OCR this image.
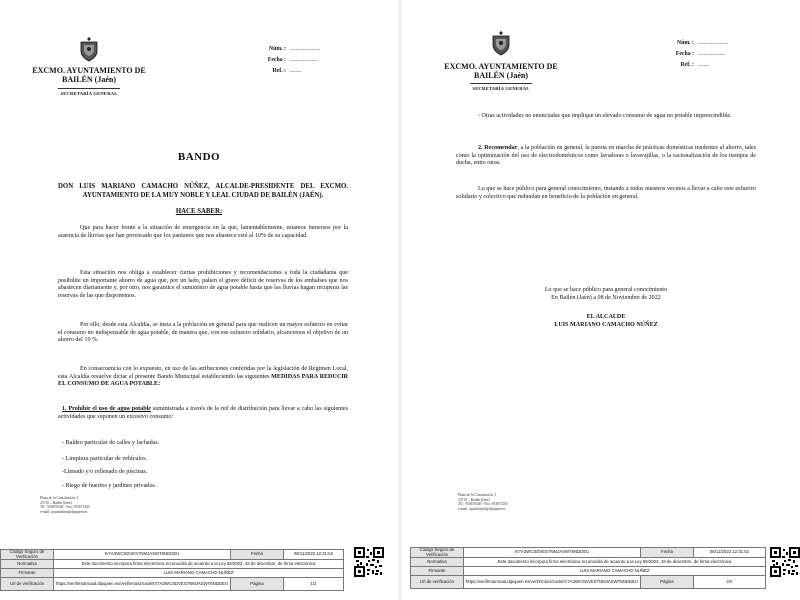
EXCMO. AYUNTAMIENTO DE
BAILÉN (Jaén)
SECRETARÍA GENERAL
Núm. : .....................
Fecha : ...................
Ref. : ........
BANDO
DON LUIS MARIANO CAMACHO NÚÑEZ, ALCALDE-PRESIDENTE DEL EXCMO. AYUNTAMIENTO DE LA MUY NOBLE Y LEAL CIUDAD DE BAILÉN (JAÉN).
HACE SABER:
Que para hacer frente a la situación de emergencia en la que, lamentablemente, estamos inmersos por la ausencia de lluvias que han provocado que los pantanos que nos abastece esté al 10% de su capacidad.
Esta situación nos obliga a establecer ciertas prohibiciones y recomendaciones a toda la ciudadanía que posibilite un importante ahorro de agua que, por un lado, palien el grave déficit de reservas de los embalses que nos abastecen diariamente y, por otro, nos garantice el suministro de agua potable hasta que las lluvias hagan recuperar las reservas de las que disponemos.
Por ello, desde esta Alcaldía, se insta a la población en general para que realicen un mayor esfuerzo en evitar el consumo no indispensable de agua potable, de manera que, con ese esfuerzo solidario, alcancemos el objetivo de un ahorro del 10 %.
En consecuencia con lo expuesto, en uso de las atribuciones conferidas por la legislación de Régimen Local, esta Alcaldía resuelve dictar el presente Bando Municipal estableciendo las siguientes MEDIDAS PARA REDUCIR EL CONSUMO DE AGUA POTABLE:
1. Prohibir el uso de agua potable suministrada a través de la red de distribución para llevar a cabo las siguientes actividades que suponen un excesivo consumo:
- Baldeo particular de calles y fachadas.
- Limpieza particular de vehículos.
-Llenado y/o rellenado de piscinas.
- Riego de huertos y jardines privados.
Plaza de la Constitución, 1
23710 – Bailén (Jaén)
Tlf.: 953670540 - Fax: 953671205
e-mail: ayuntbailen@dipujaen.es
Código Seguro de Verificación	IV7A3WCSDVES7NMJASWT6NDDEU	Fecha	08/11/2022 12:31:52
Normativa	Este documento incorpora firma electrónica reconocida de acuerdo a la Ley 59/2003, 19 de diciembre, de firma electrónica		
Firmante	LUIS MARIANO CAMACHO NUÑEZ		
Url de verificación	https://verifirmamoad.dipujaen.es/verifirmav2/code/IV7A3WCSDVES7NMJASWT6NDDEU	Página	1/2
EXCMO. AYUNTAMIENTO DE
BAILÉN (Jaén)
SECRETARÍA GENERAL
Núm. : .....................
Fecha : ...................
Ref. : ........
- Otras actividades no enunciadas que implique un elevado consumo de agua no potable imprescindible.
2. Recomendar, a la población en general, la puesta en marcha de prácticas domésticas tendentes al ahorro, tales como la optimización del uso de electrodomésticos como lavadoras o lavavajillas, o la racionalización de los tiempos de ducha, entre otras.
Lo que se hace público para general conocimiento, instando a todos nuestros vecinos a llevar a cabo este esfuerzo solidario y colectivo que redundan en beneficio de la población en general.
Lo que se hace público para general conocimiento
En Bailén (Jaén) a 08 de Noviembre de 2022
EL ALCALDE
LUIS MARIANO CAMACHO NÚÑEZ
Plaza de la Constitución, 1
23710 – Bailén (Jaén)
Tlf.: 953670540 - Fax: 953671205
e-mail: ayuntbailen@dipujaen.es
Código Seguro de Verificación	IV7A3WCSDVES7NMJASWT6NDDEU	Fecha	08/11/2022 12:31:52
Normativa	Este documento incorpora firma electrónica reconocida de acuerdo a la Ley 59/2003, 19 de diciembre, de firma electrónica		
Firmante	LUIS MARIANO CAMACHO NUÑEZ		
Url de verificación	https://verifirmamoad.dipujaen.es/verifirmav2/code/IV7A3WCSDVES7NMJASWT6NDDEU	Página	2/2
